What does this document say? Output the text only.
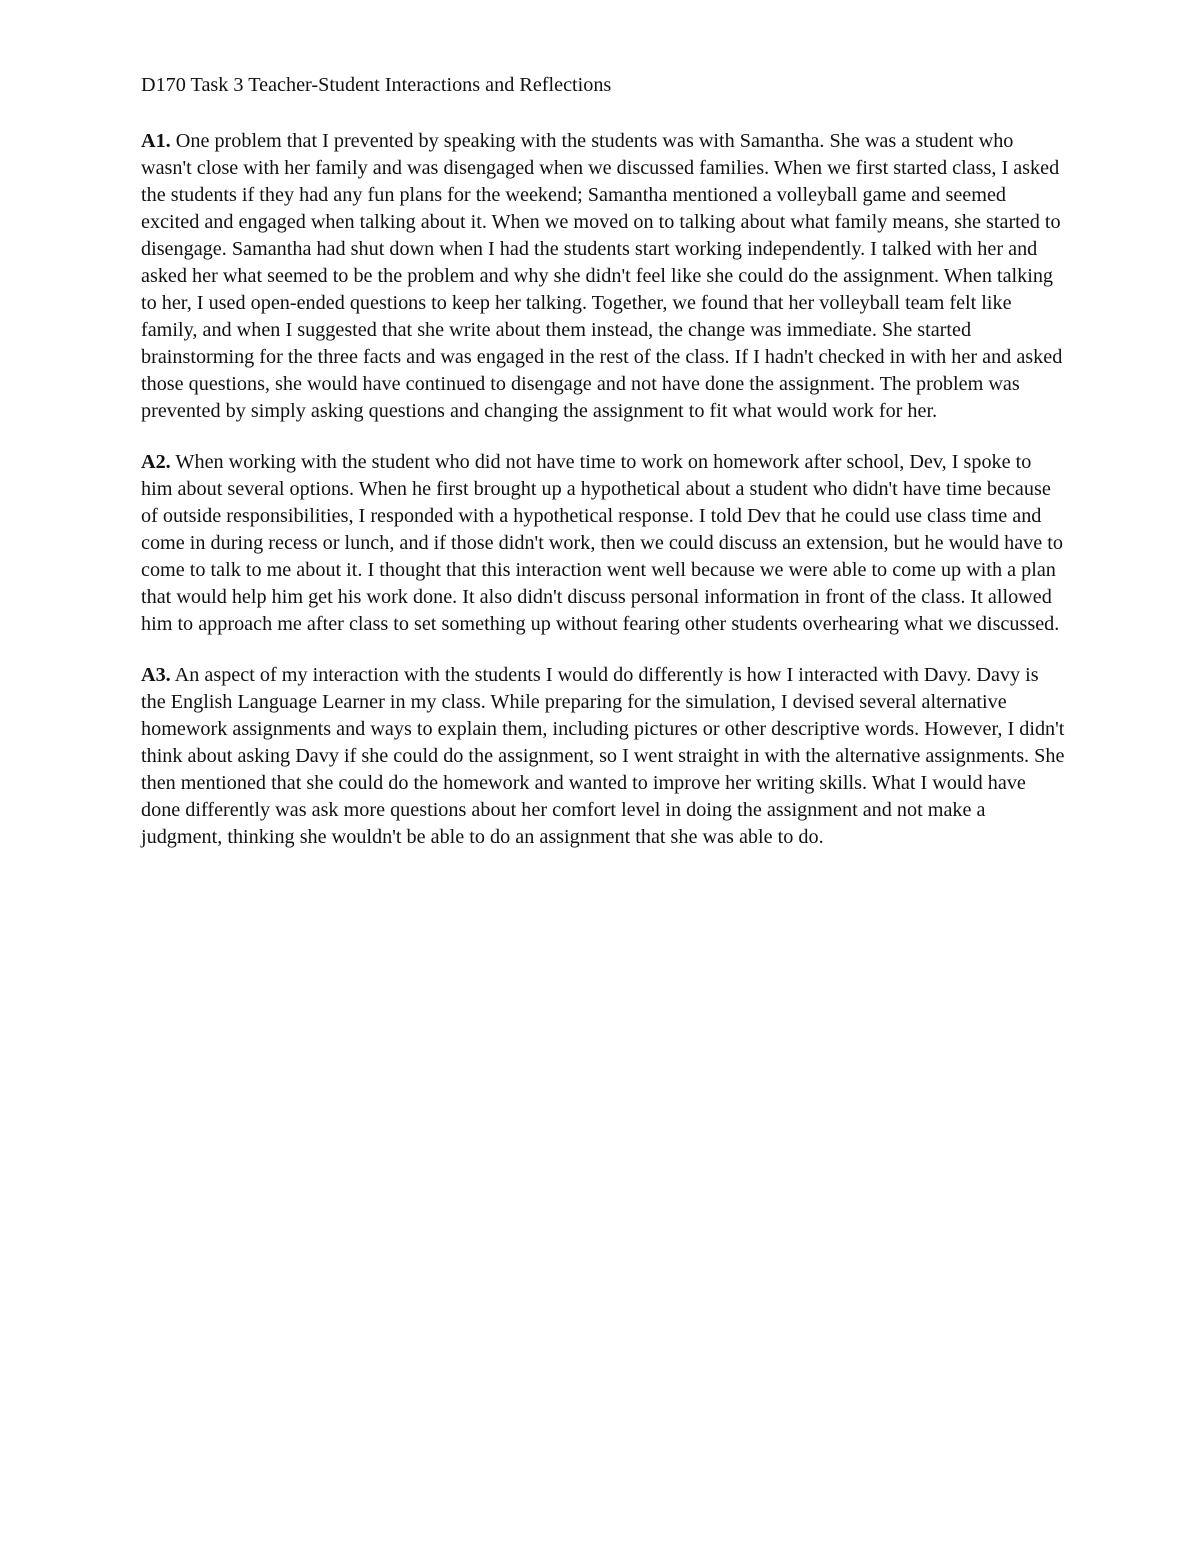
D170 Task 3 Teacher-Student Interactions and Reflections

A1. One problem that I prevented by speaking with the students was with Samantha. She was a student who wasn't close with her family and was disengaged when we discussed families. When we first started class, I asked the students if they had any fun plans for the weekend; Samantha mentioned a volleyball game and seemed excited and engaged when talking about it. When we moved on to talking about what family means, she started to disengage. Samantha had shut down when I had the students start working independently. I talked with her and asked her what seemed to be the problem and why she didn't feel like she could do the assignment. When talking to her, I used open-ended questions to keep her talking. Together, we found that her volleyball team felt like family, and when I suggested that she write about them instead, the change was immediate. She started brainstorming for the three facts and was engaged in the rest of the class. If I hadn't checked in with her and asked those questions, she would have continued to disengage and not have done the assignment. The problem was prevented by simply asking questions and changing the assignment to fit what would work for her.

A2. When working with the student who did not have time to work on homework after school, Dev, I spoke to him about several options. When he first brought up a hypothetical about a student who didn't have time because of outside responsibilities, I responded with a hypothetical response. I told Dev that he could use class time and come in during recess or lunch, and if those didn't work, then we could discuss an extension, but he would have to come to talk to me about it. I thought that this interaction went well because we were able to come up with a plan that would help him get his work done. It also didn't discuss personal information in front of the class. It allowed him to approach me after class to set something up without fearing other students overhearing what we discussed.

A3. An aspect of my interaction with the students I would do differently is how I interacted with Davy. Davy is the English Language Learner in my class. While preparing for the simulation, I devised several alternative homework assignments and ways to explain them, including pictures or other descriptive words. However, I didn't think about asking Davy if she could do the assignment, so I went straight in with the alternative assignments. She then mentioned that she could do the homework and wanted to improve her writing skills. What I would have done differently was ask more questions about her comfort level in doing the assignment and not make a judgment, thinking she wouldn't be able to do an assignment that she was able to do.
